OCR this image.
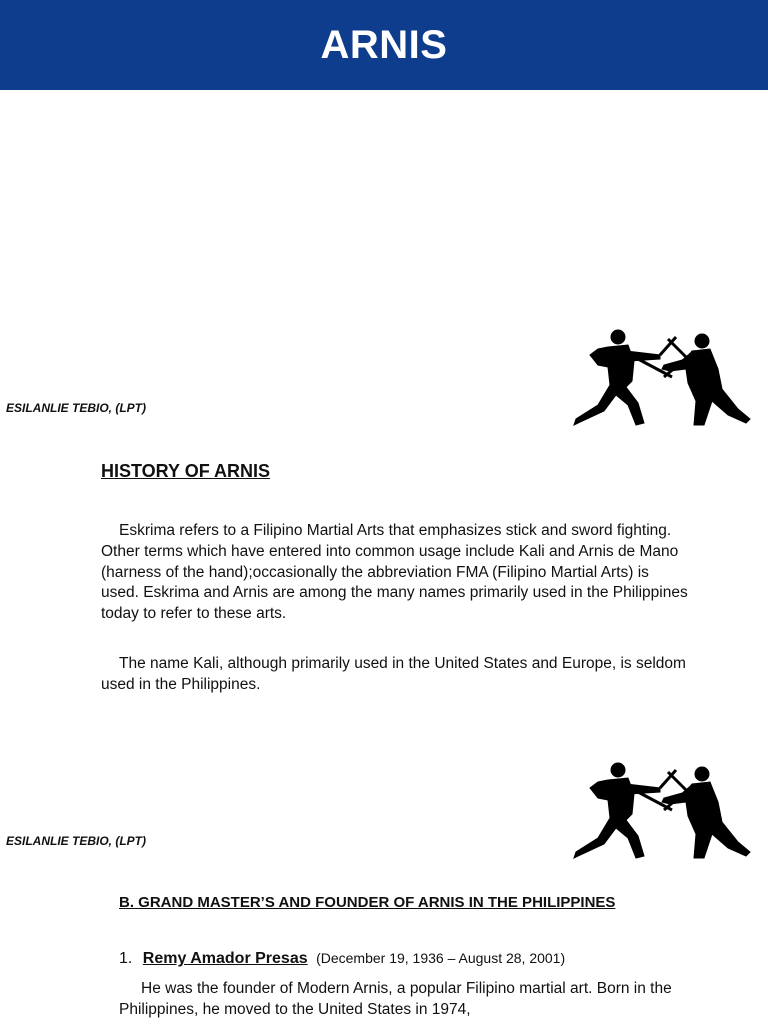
ARNIS
ESILANLIE TEBIO, (LPT)
HISTORY OF ARNIS

Eskrima refers to a Filipino Martial Arts that emphasizes stick and sword fighting. Other terms which have entered into common usage include Kali and Arnis de Mano (harness of the hand);occasionally the abbreviation FMA (Filipino Martial Arts) is used. Eskrima and Arnis are among the many names primarily used in the Philippines today to refer to these arts.

The name Kali, although primarily used in the United States and Europe, is seldom used in the Philippines.

ESILANLIE TEBIO, (LPT)
B. GRAND MASTER’S AND FOUNDER OF ARNIS IN THE PHILIPPINES
1. Remy Amador Presas (December 19, 1936 – August 28, 2001)

He was the founder of Modern Arnis, a popular Filipino martial art. Born in the Philippines, he moved to the United States in 1974,
